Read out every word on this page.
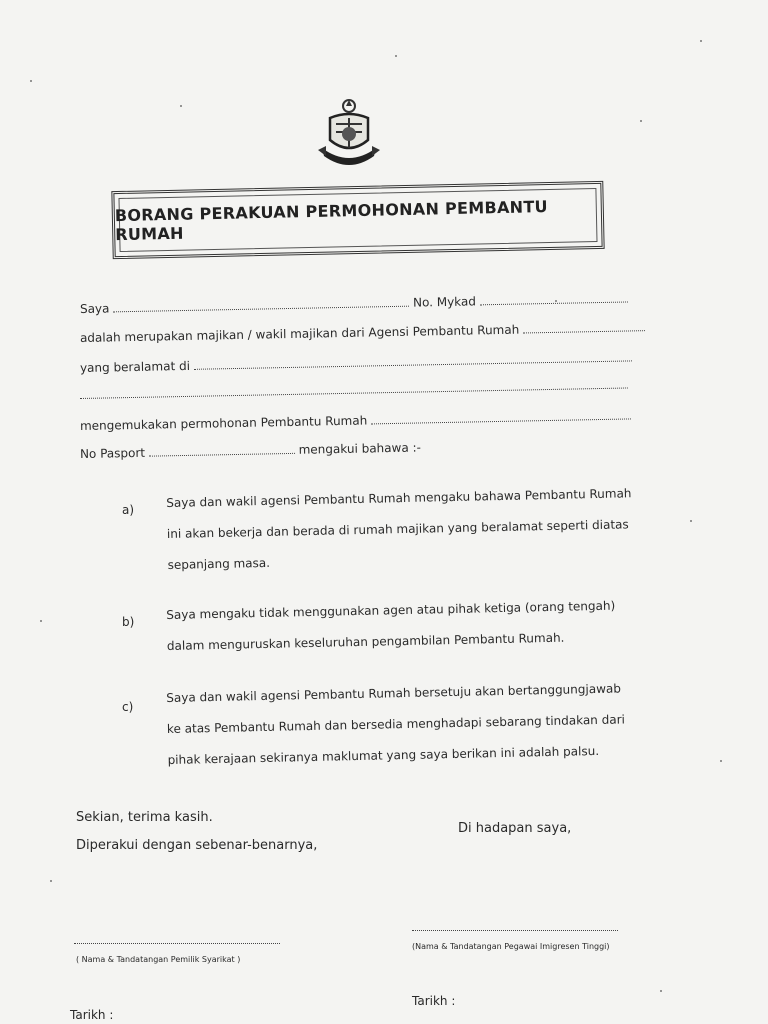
BORANG PERAKUAN PERMOHONAN PEMBANTU RUMAH
Saya	No. Mykad
adalah merupakan majikan / wakil majikan dari Agensi Pembantu Rumah
yang beralamat di
mengemukakan permohonan Pembantu Rumah
No Pasport	mengakui bahawa :-
a)
Saya dan wakil agensi Pembantu Rumah mengaku bahawa Pembantu Rumah ini akan bekerja dan berada di rumah majikan yang beralamat seperti diatas sepanjang masa.
b)
Saya mengaku tidak menggunakan agen atau pihak ketiga (orang tengah) dalam menguruskan keseluruhan pengambilan Pembantu Rumah.
c)
Saya dan wakil agensi Pembantu Rumah bersetuju akan bertanggungjawab ke atas Pembantu Rumah dan bersedia menghadapi sebarang tindakan dari pihak kerajaan sekiranya maklumat yang saya berikan ini adalah palsu.
Sekian, terima kasih.
Diperakui dengan sebenar-benarnya,
Di hadapan saya,
( Nama & Tandatangan Pemilik Syarikat )
(Nama & Tandatangan Pegawai Imigresen Tinggi)
Tarikh :
Tarikh :
